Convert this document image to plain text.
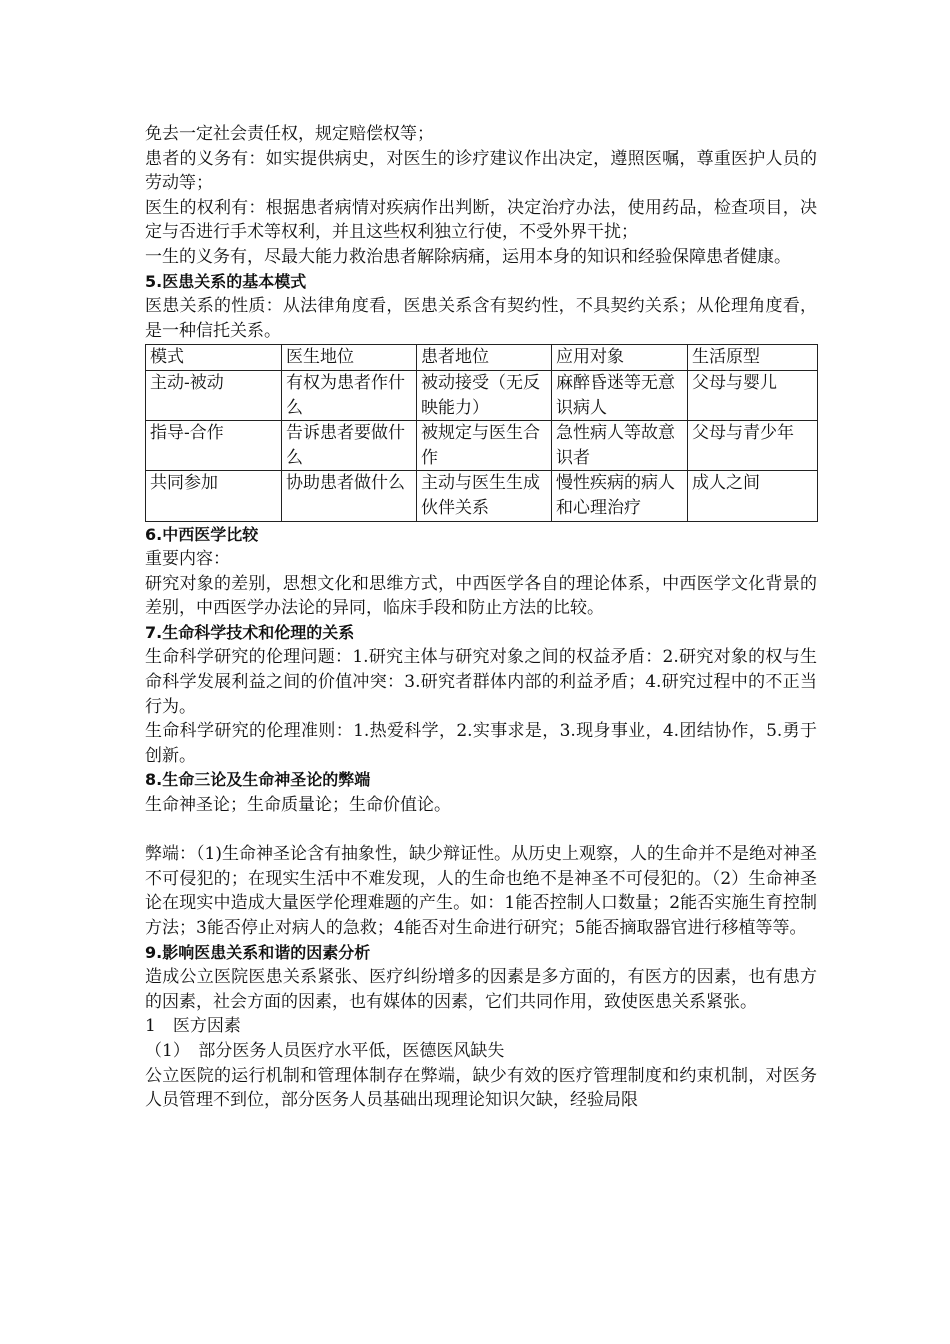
免去一定社会责任权，规定赔偿权等；

患者的义务有：如实提供病史，对医生的诊疗建议作出决定，遵照医嘱，尊重医护人员的劳动等；

医生的权利有：根据患者病情对疾病作出判断，决定治疗办法，使用药品，检查项目，决定与否进行手术等权利，并且这些权利独立行使，不受外界干扰；

一生的义务有，尽最大能力救治患者解除病痛，运用本身的知识和经验保障患者健康。

5.医患关系的基本模式

医患关系的性质：从法律角度看，医患关系含有契约性，不具契约关系；从伦理角度看，是一种信托关系。

模式	医生地位	患者地位	应用对象	生活原型
主动-被动	有权为患者作什么	被动接受（无反映能力）	麻醉昏迷等无意识病人	父母与婴儿
指导-合作	告诉患者要做什么	被规定与医生合作	急性病人等故意识者	父母与青少年
共同参加	协助患者做什么	主动与医生生成伙伴关系	慢性疾病的病人和心理治疗	成人之间

6.中西医学比较

重要内容：

研究对象的差别，思想文化和思维方式，中西医学各自的理论体系，中西医学文化背景的差别，中西医学办法论的异同，临床手段和防止方法的比较。

7.生命科学技术和伦理的关系

生命科学研究的伦理问题：1.研究主体与研究对象之间的权益矛盾：2.研究对象的权与生命科学发展利益之间的价值冲突：3.研究者群体内部的利益矛盾；4.研究过程中的不正当行为。

生命科学研究的伦理准则：1.热爱科学，2.实事求是，3.现身事业，4.团结协作，5.勇于创新。

8.生命三论及生命神圣论的弊端

生命神圣论；生命质量论；生命价值论。

弊端：（1)生命神圣论含有抽象性，缺少辩证性。从历史上观察，人的生命并不是绝对神圣不可侵犯的；在现实生活中不难发现，人的生命也绝不是神圣不可侵犯的。（2）生命神圣论在现实中造成大量医学伦理难题的产生。如：1能否控制人口数量；2能否实施生育控制方法；3能否停止对病人的急救；4能否对生命进行研究；5能否摘取器官进行移植等等。

9.影响医患关系和谐的因素分析

造成公立医院医患关系紧张、医疗纠纷增多的因素是多方面的，有医方的因素，也有患方的因素，社会方面的因素，也有媒体的因素，它们共同作用，致使医患关系紧张。

1　医方因素

（1）　部分医务人员医疗水平低，医德医风缺失

公立医院的运行机制和管理体制存在弊端，缺少有效的医疗管理制度和约束机制，对医务人员管理不到位，部分医务人员基础出现理论知识欠缺，经验局限
